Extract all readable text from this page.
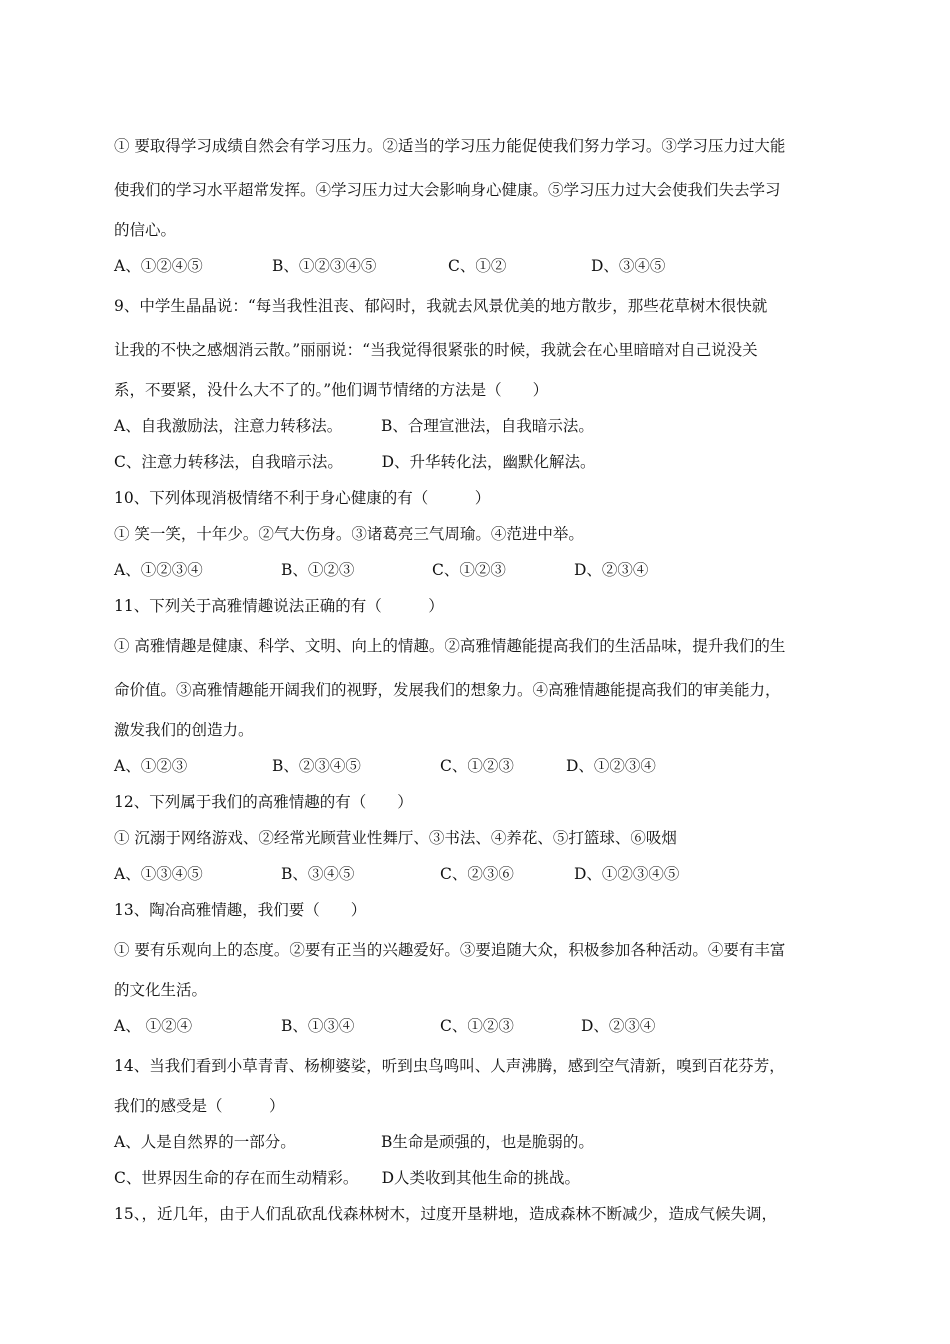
① 要取得学习成绩自然会有学习压力。②适当的学习压力能促使我们努力学习。③学习压力过大能
使我们的学习水平超常发挥。④学习压力过大会影响身心健康。⑤学习压力过大会使我们失去学习
的信心。
A、①②④⑤	B、①②③④⑤	C、①②	D、③④⑤
9、中学生晶晶说：“每当我性沮丧、郁闷时，我就去风景优美的地方散步，那些花草树木很快就
让我的不快之感烟消云散。”丽丽说：“当我觉得很紧张的时候，我就会在心里暗暗对自己说没关
系，不要紧，没什么大不了的。”他们调节情绪的方法是（　　）
A、自我激励法，注意力转移法。　　　B、合理宣泄法，自我暗示法。
C、注意力转移法，自我暗示法。　　　D、升华转化法，幽默化解法。
10、下列体现消极情绪不利于身心健康的有（　　　）
① 笑一笑，十年少。②气大伤身。③诸葛亮三气周瑜。④范进中举。
A、①②③④	B、①②③	C、①②③	D、②③④
11、下列关于高雅情趣说法正确的有（　　　）
① 高雅情趣是健康、科学、文明、向上的情趣。②高雅情趣能提高我们的生活品味，提升我们的生
命价值。③高雅情趣能开阔我们的视野，发展我们的想象力。④高雅情趣能提高我们的审美能力，
激发我们的创造力。
A、①②③	B、②③④⑤	C、①②③	D、①②③④
12、下列属于我们的高雅情趣的有（　　）
① 沉溺于网络游戏、②经常光顾营业性舞厅、③书法、④养花、⑤打篮球、⑥吸烟
A、①③④⑤	B、③④⑤	C、②③⑥	D、①②③④⑤
13、陶冶高雅情趣，我们要（　　）
① 要有乐观向上的态度。②要有正当的兴趣爱好。③要追随大众，积极参加各种活动。④要有丰富
的文化生活。
A、 ①②④	B、①③④	C、①②③	D、②③④
14、当我们看到小草青青、杨柳婆娑，听到虫鸟鸣叫、人声沸腾，感到空气清新，嗅到百花芬芳，
我们的感受是（　　　）
A、人是自然界的一部分。　　　　　　B生命是顽强的，也是脆弱的。
C、世界因生命的存在而生动精彩。　　D人类收到其他生命的挑战。
15、，近几年，由于人们乱砍乱伐森林树木，过度开垦耕地，造成森林不断减少，造成气候失调，
